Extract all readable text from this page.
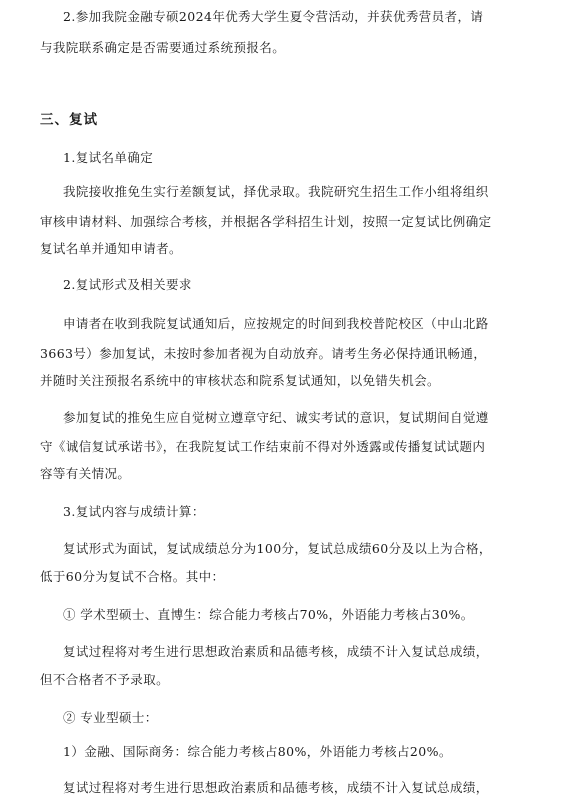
2.参加我院金融专硕2024年优秀大学生夏令营活动，并获优秀营员者，请
与我院联系确定是否需要通过系统预报名。
三、复试
1.复试名单确定
我院接收推免生实行差额复试，择优录取。我院研究生招生工作小组将组织
审核申请材料、加强综合考核，并根据各学科招生计划，按照一定复试比例确定
复试名单并通知申请者。
2.复试形式及相关要求
申请者在收到我院复试通知后，应按规定的时间到我校普陀校区（中山北路
3663号）参加复试，未按时参加者视为自动放弃。请考生务必保持通讯畅通，
并随时关注预报名系统中的审核状态和院系复试通知，以免错失机会。
参加复试的推免生应自觉树立遵章守纪、诚实考试的意识，复试期间自觉遵
守《诚信复试承诺书》，在我院复试工作结束前不得对外透露或传播复试试题内
容等有关情况。
3.复试内容与成绩计算：
复试形式为面试，复试成绩总分为100分，复试总成绩60分及以上为合格，
低于60分为复试不合格。其中：
① 学术型硕士、直博生：综合能力考核占70%，外语能力考核占30%。
复试过程将对考生进行思想政治素质和品德考核，成绩不计入复试总成绩，
但不合格者不予录取。
② 专业型硕士：
1）金融、国际商务：综合能力考核占80%，外语能力考核占20%。
复试过程将对考生进行思想政治素质和品德考核，成绩不计入复试总成绩，
